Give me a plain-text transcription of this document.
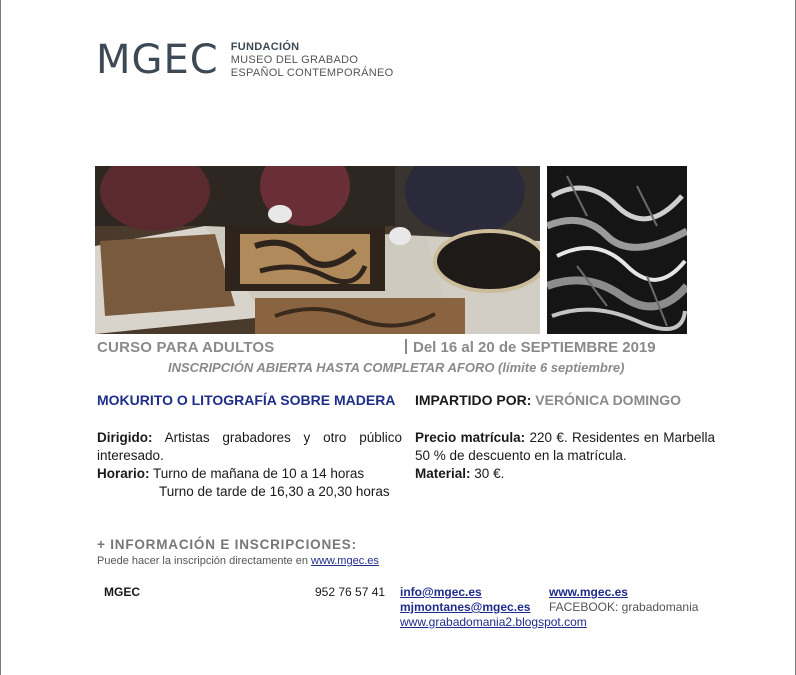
MGEC FUNDACIÓN
MUSEO DEL GRABADO
ESPAÑOL CONTEMPORÁNEO
CURSO PARA ADULTOS	Del 16 al 20 de SEPTIEMBRE 2019
INSCRIPCIÓN ABIERTA HASTA COMPLETAR AFORO (límite 6 septiembre)
MOKURITO O LITOGRAFÍA SOBRE MADERA IMPARTIDO POR: VERÓNICA DOMINGO
Dirigido: Artistas grabadores y otro público interesado.
Horario: Turno de mañana de 10 a 14 horas
Turno de tarde de 16,30 a 20,30 horas
Precio matrícula: 220 €. Residentes en Marbella 50 % de descuento en la matrícula.
Material: 30 €.
+ INFORMACIÓN E INSCRIPCIONES:
Puede hacer la inscripción directamente en www.mgec.es
MGEC	952 76 57 41 info@mgec.es
mjmontanes@mgec.es
www.grabadomania2.blogspot.com
www.mgec.es
FACEBOOK: grabadomania
